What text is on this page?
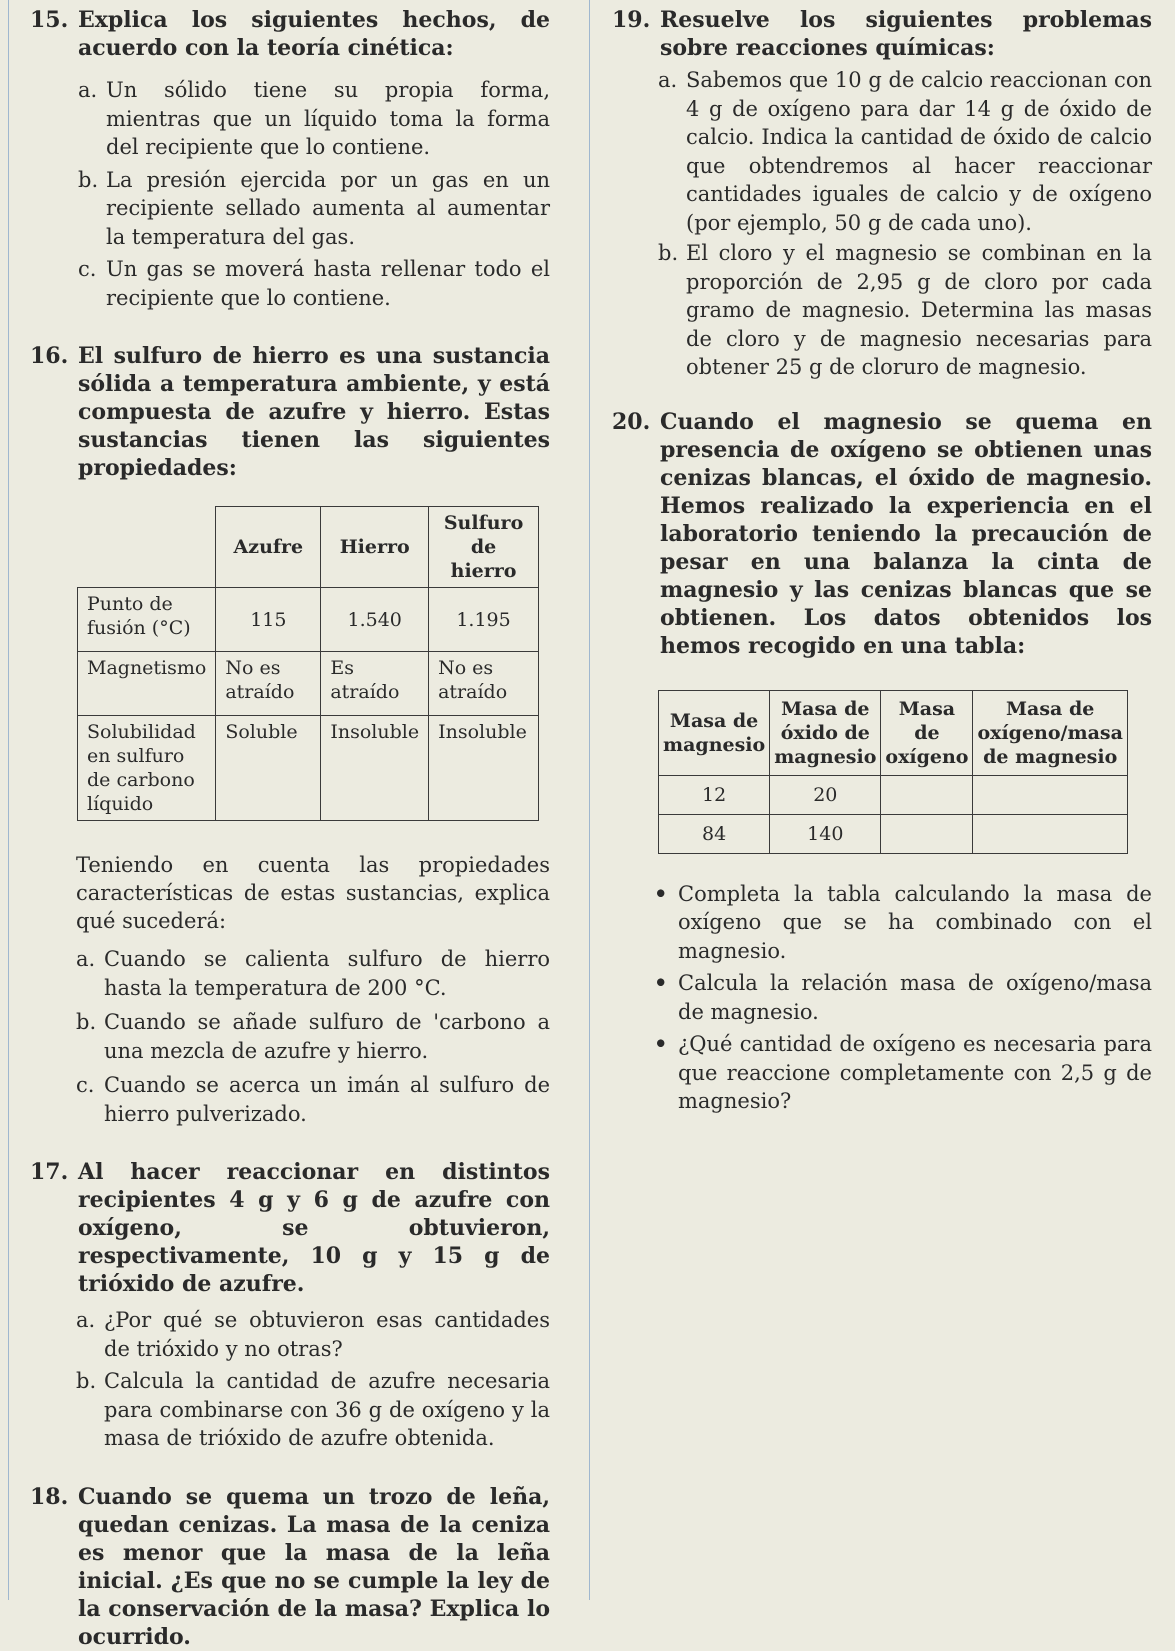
15. Explica los siguientes hechos, de acuerdo con la teoría cinética:
a. Un sólido tiene su propia forma, mientras que un líquido toma la forma del recipiente que lo contiene.
b. La presión ejercida por un gas en un recipiente sellado aumenta al aumentar la temperatura del gas.
c. Un gas se moverá hasta rellenar todo el recipiente que lo contiene.
16. El sulfuro de hierro es una sustancia sólida a temperatura ambiente, y está compuesta de azufre y hierro. Estas sustancias tienen las siguientes propiedades:
	Azufre	Hierro	Sulfuro de hierro
Punto de fusión (°C)	115	1.540	1.195
Magnetismo	No es atraído	Es atraído	No es atraído
Solubilidad en sulfuro de carbono líquido	Soluble	Insoluble	Insoluble
Teniendo en cuenta las propiedades características de estas sustancias, explica qué sucederá:
a. Cuando se calienta sulfuro de hierro hasta la temperatura de 200 °C.
b. Cuando se añade sulfuro de 'carbono a una mezcla de azufre y hierro.
c. Cuando se acerca un imán al sulfuro de hierro pulverizado.
17. Al hacer reaccionar en distintos recipientes 4 g y 6 g de azufre con oxígeno, se obtuvieron, respectivamente, 10 g y 15 g de trióxido de azufre.
a. ¿Por qué se obtuvieron esas cantidades de trióxido y no otras?
b. Calcula la cantidad de azufre necesaria para combinarse con 36 g de oxígeno y la masa de trióxido de azufre obtenida.
18. Cuando se quema un trozo de leña, quedan cenizas. La masa de la ceniza es menor que la masa de la leña inicial. ¿Es que no se cumple la ley de la conservación de la masa? Explica lo ocurrido.
19. Resuelve los siguientes problemas sobre reacciones químicas:
a. Sabemos que 10 g de calcio reaccionan con 4 g de oxígeno para dar 14 g de óxido de calcio. Indica la cantidad de óxido de calcio que obtendremos al hacer reaccionar cantidades iguales de calcio y de oxígeno (por ejemplo, 50 g de cada uno).
b. El cloro y el magnesio se combinan en la proporción de 2,95 g de cloro por cada gramo de magnesio. Determina las masas de cloro y de magnesio necesarias para obtener 25 g de cloruro de magnesio.
20. Cuando el magnesio se quema en presencia de oxígeno se obtienen unas cenizas blancas, el óxido de magnesio. Hemos realizado la experiencia en el laboratorio teniendo la precaución de pesar en una balanza la cinta de magnesio y las cenizas blancas que se obtienen. Los datos obtenidos los hemos recogido en una tabla:
Masa de magnesio	Masa de óxido de magnesio	Masa de oxígeno	Masa de oxígeno/masa de magnesio
12	20		
84	140		
• Completa la tabla calculando la masa de oxígeno que se ha combinado con el magnesio.
• Calcula la relación masa de oxígeno/masa de magnesio.
• ¿Qué cantidad de oxígeno es necesaria para que reaccione completamente con 2,5 g de magnesio?
